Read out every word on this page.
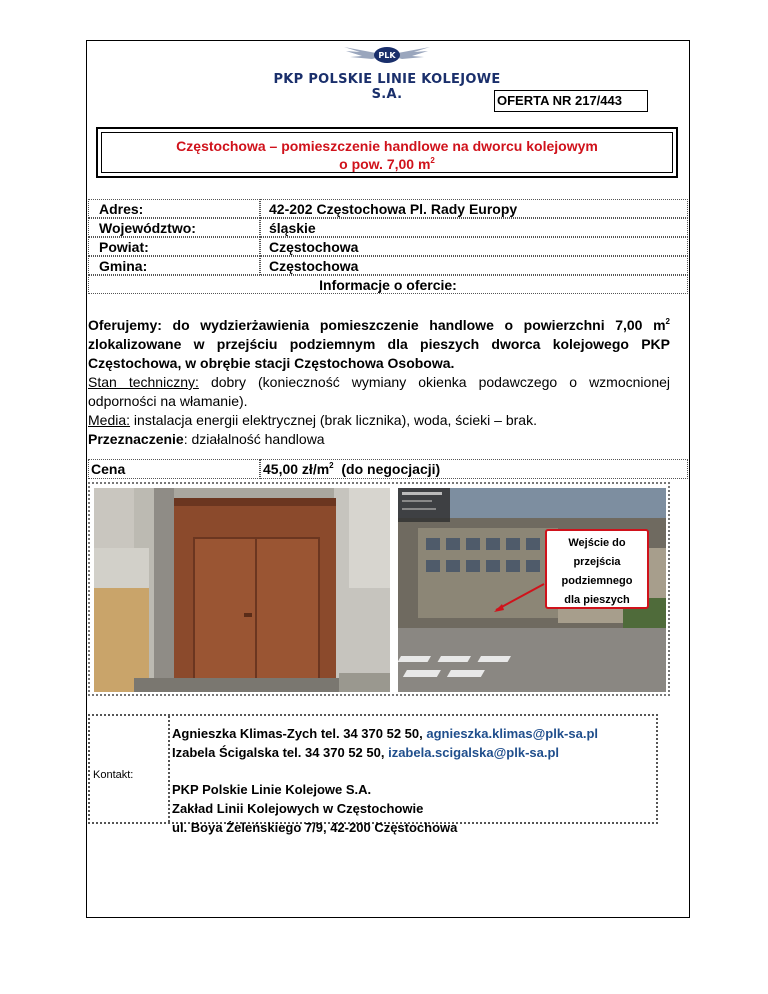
PLK
PKP POLSKIE LINIE KOLEJOWE S.A.	OFERTA NR 217/443
Częstochowa – pomieszczenie handlowe na dworcu kolejowym
o pow. 7,00 $m^2$
Adres:	42-202 Częstochowa Pl. Rady Europy
Województwo:	śląskie
Powiat:	Częstochowa
Gmina:	Częstochowa
Informacje o ofercie:

Oferujemy: do wydzierżawienia pomieszczenie handlowe o powierzchni 7,00 $m^2$ zlokalizowane w przejściu podziemnym dla pieszych dworca kolejowego PKP Częstochowa, w obrębie stacji Częstochowa Osobowa.

Stan techniczny: dobry (konieczność wymiany okienka podawczego o wzmocnionej odporności na włamanie).

Media: instalacja energii elektrycznej (brak licznika), woda, ścieki – brak.

Przeznaczenie: działalność handlowa

Cena	45,00 $zł/m^2$  (do negocjacji)
Wejście do
przejścia
podziemnego
dla pieszych
Kontakt:
Agnieszka Klimas-Zych tel. 34 370 52 50, agnieszka.klimas@plk-sa.pl
Izabela Ścigalska tel. 34 370 52 50, izabela.scigalska@plk-sa.pl
PKP Polskie Linie Kolejowe S.A.
Zakład Linii Kolejowych w Częstochowie
ul. Boya Żeleńskiego 7/9, 42-200 Częstochowa
